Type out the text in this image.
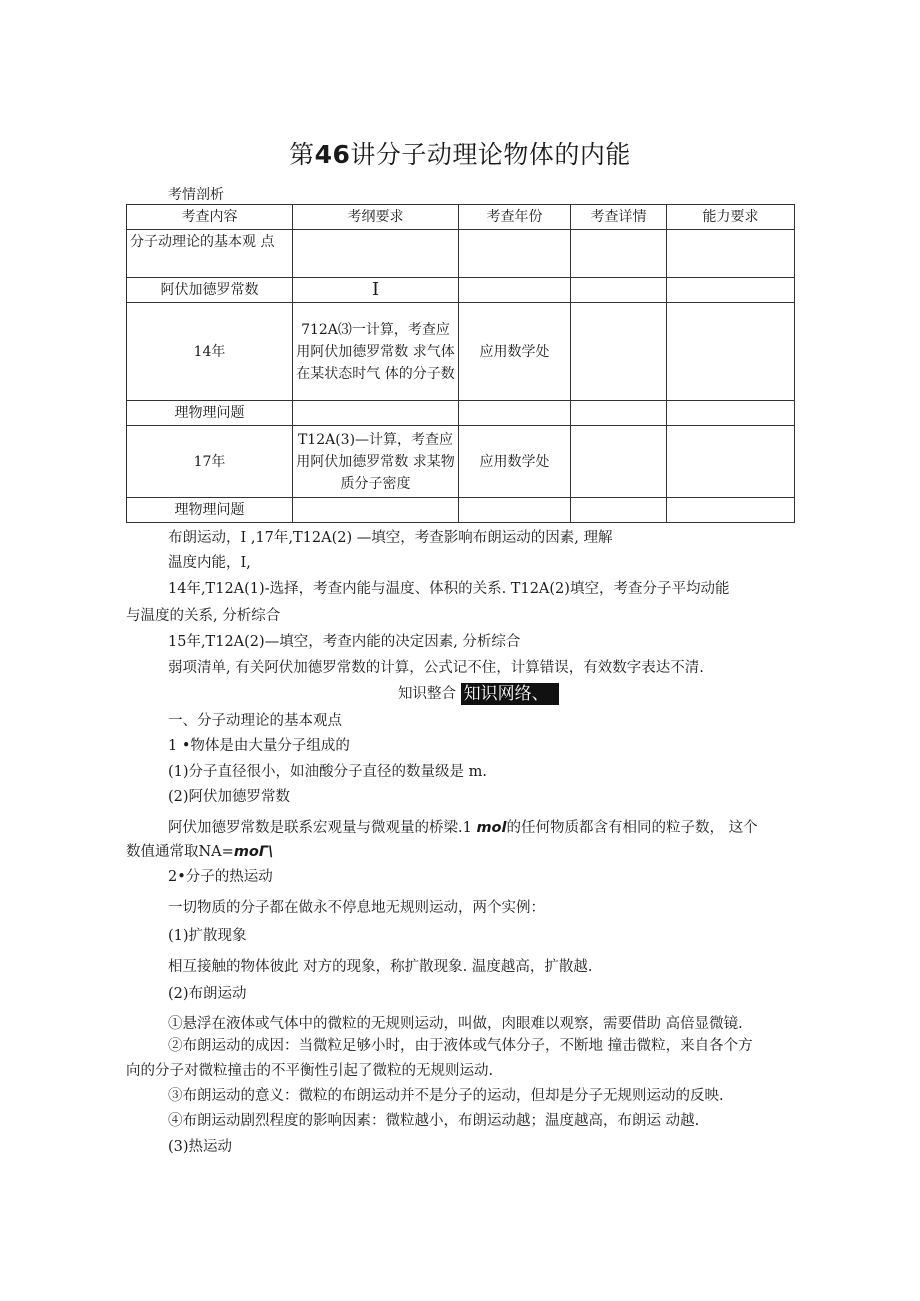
第46讲分子动理论物体的内能
考情剖析
考查内容	考纲要求	考查年份	考查详情	能力要求
分子动理论的基本观 点				
阿伏加德罗常数	I			
14年	712A⑶一计算，考查应用阿伏加德罗常数 求气体在某状态时气 体的分子数	应用数学处		
理物理问题				
17年	T12A(3)—计算，考查应用阿伏加德罗常数 求某物质分子密度	应用数学处		
理物理问题				
布朗运动，I ,17年,T12A(2) —填空，考查影响布朗运动的因素, 理解
温度内能，I,
14年,T12A(1)-选择，考查内能与温度、体积的关系. T12A(2)填空，考查分子平均动能
与温度的关系, 分析综合
15年,T12A(2)—填空，考查内能的决定因素, 分析综合
弱项清单, 有关阿伏加德罗常数的计算，公式记不住，计算错误，有效数字表达不清.
知识整合 知识网络、
一、分子动理论的基本观点
1 •物体是由大量分子组成的
(1)分子直径很小，如油酸分子直径的数量级是 m.
(2)阿伏加德罗常数
阿伏加德罗常数是联系宏观量与微观量的桥梁.1 mol的任何物质都含有相同的粒子数， 这个
数值通常取NA=moΓ\
2•分子的热运动
一切物质的分子都在做永不停息地无规则运动，两个实例：
(1)扩散现象
相互接触的物体彼此 对方的现象，称扩散现象. 温度越高，扩散越.
(2)布朗运动
①悬浮在液体或气体中的微粒的无规则运动，叫做，肉眼难以观察，需要借助 高倍显微镜.
②布朗运动的成因：当微粒足够小时，由于液体或气体分子，不断地 撞击微粒，来自各个方
向的分子对微粒撞击的不平衡性引起了微粒的无规则运动.
③布朗运动的意义：微粒的布朗运动并不是分子的运动，但却是分子无规则运动的反映.
④布朗运动剧烈程度的影响因素：微粒越小，布朗运动越；温度越高，布朗运 动越.
(3)热运动
